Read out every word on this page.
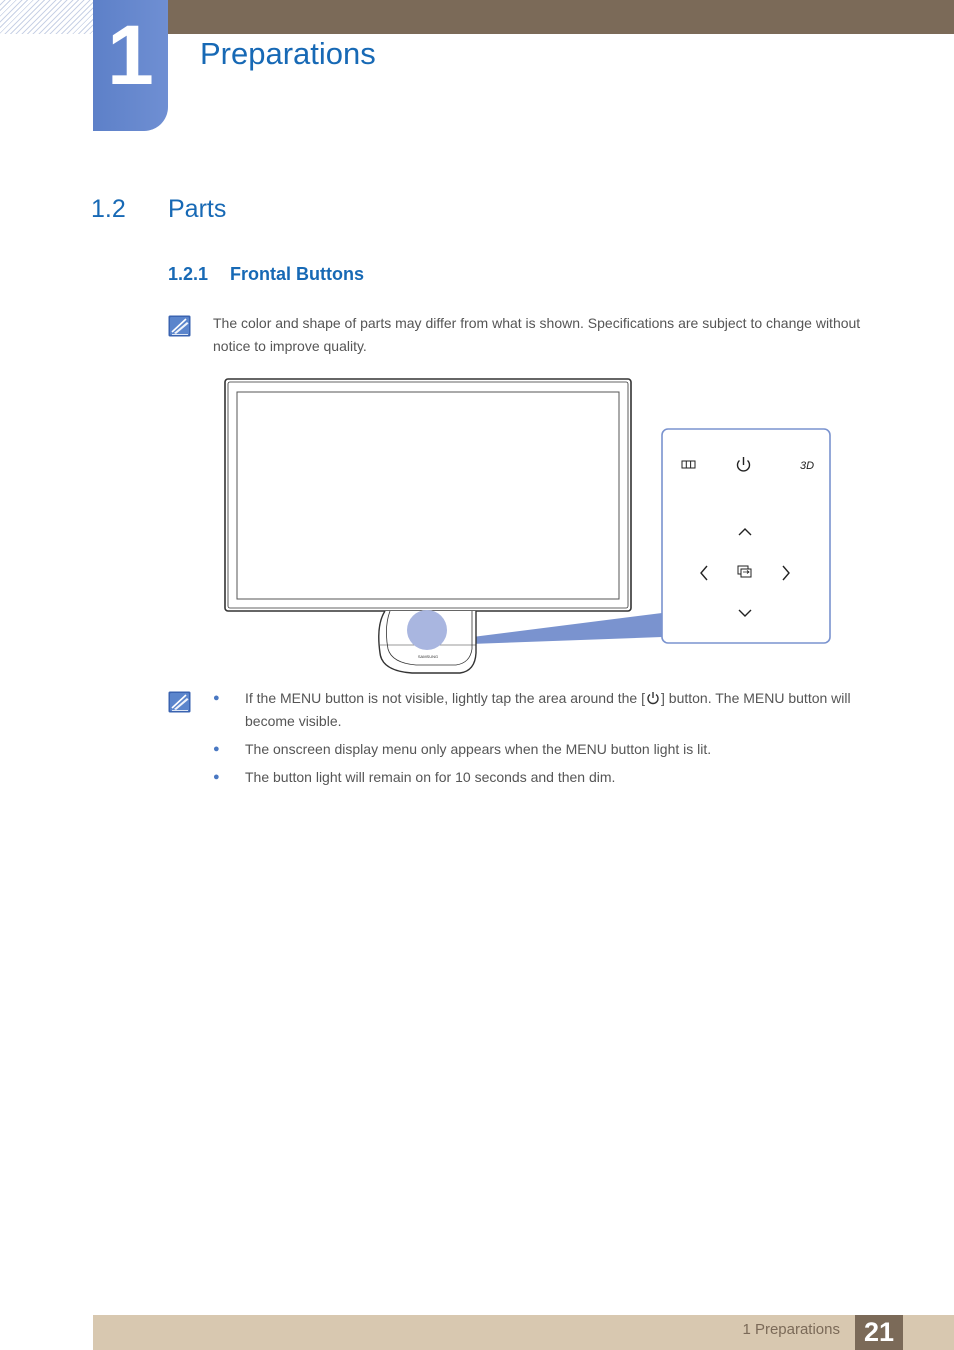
1	Preparations
1.2 Parts
1.2.1 Frontal Buttons
The color and shape of parts may differ from what is shown. Specifications are subject to change without notice to improve quality.
SAMSUNG
3D
● If the MENU button is not visible, lightly tap the area around the [ ] button. The MENU button will become visible.
● The onscreen display menu only appears when the MENU button light is lit.
● The button light will remain on for 10 seconds and then dim.
1 Preparations 21
